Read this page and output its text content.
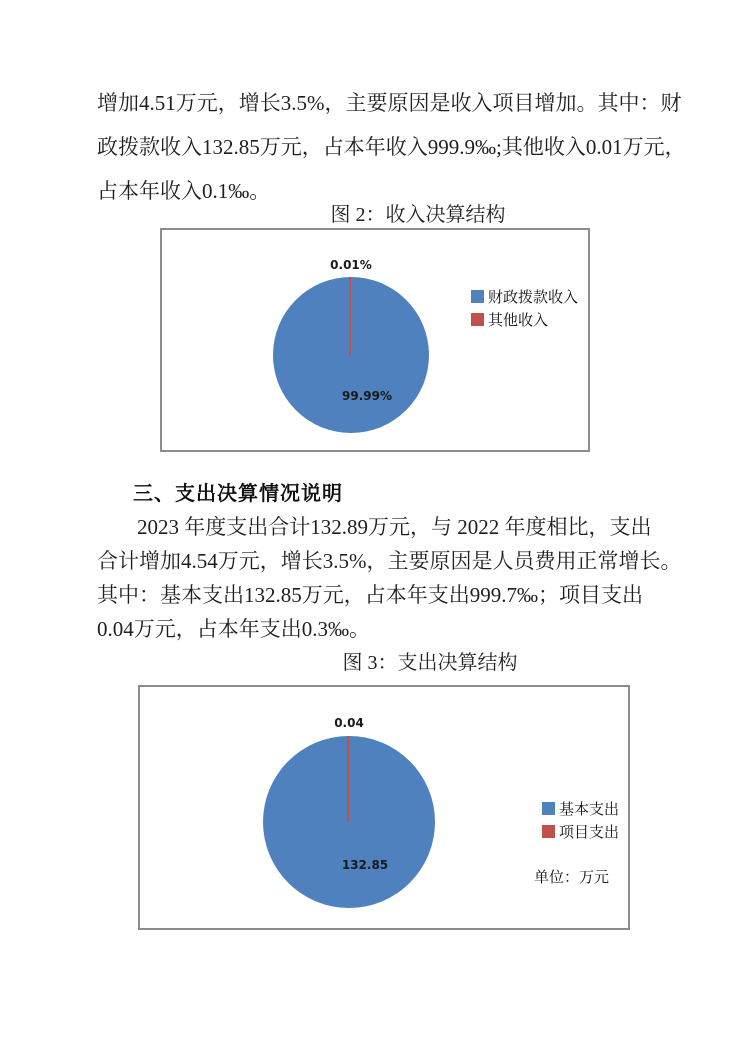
增加4.51万元，增长3.5%，主要原因是收入项目增加。其中：财
政拨款收入132.85万元，占本年收入999.9‰;其他收入0.01万元，
占本年收入0.1‰。
图 2：收入决算结构
0.01%
99.99%
财政拨款收入
其他收入
三、支出决算情况说明
2023 年度支出合计132.89万元，与 2022 年度相比，支出
合计增加4.54万元，增长3.5%，主要原因是人员费用正常增长。
其中：基本支出132.85万元，占本年支出999.7‰；项目支出
0.04万元，占本年支出0.3‰。
图 3：支出决算结构
0.04
132.85
基本支出
项目支出
单位：万元
